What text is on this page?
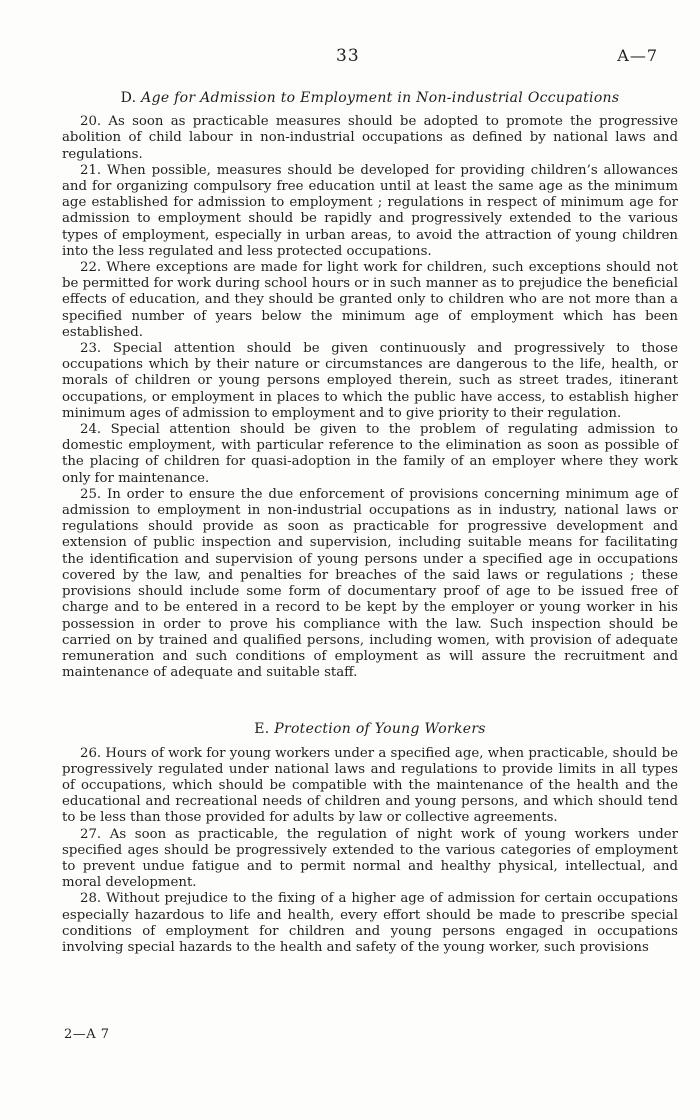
33	A—7
D. Age for Admission to Employment in Non-industrial Occupations

20. As soon as practicable measures should be adopted to promote the progressive abolition of child labour in non-industrial occupations as defined by national laws and regulations.

21. When possible, measures should be developed for providing children’s allowances and for organizing compulsory free education until at least the same age as the minimum age established for admission to employment ; regulations in respect of minimum age for admission to employment should be rapidly and progressively extended to the various types of employment, especially in urban areas, to avoid the attraction of young children into the less regulated and less protected occupations.

22. Where exceptions are made for light work for children, such exceptions should not be permitted for work during school hours or in such manner as to prejudice the beneficial effects of education, and they should be granted only to children who are not more than a specified number of years below the minimum age of employment which has been established.

23. Special attention should be given continuously and progressively to those occupations which by their nature or circumstances are dangerous to the life, health, or morals of children or young persons employed therein, such as street trades, itinerant occupations, or employment in places to which the public have access, to establish higher minimum ages of admission to employment and to give priority to their regulation.

24. Special attention should be given to the problem of regulating admission to domestic employment, with particular reference to the elimination as soon as possible of the placing of children for quasi-adoption in the family of an employer where they work only for maintenance.

25. In order to ensure the due enforcement of provisions concerning minimum age of admission to employment in non-industrial occupations as in industry, national laws or regulations should provide as soon as practicable for progressive development and extension of public inspection and supervision, including suitable means for facilitating the identification and supervision of young persons under a specified age in occupations covered by the law, and penalties for breaches of the said laws or regulations ; these provisions should include some form of documentary proof of age to be issued free of charge and to be entered in a record to be kept by the employer or young worker in his possession in order to prove his compliance with the law. Such inspection should be carried on by trained and qualified persons, including women, with provision of adequate remuneration and such conditions of employment as will assure the recruitment and maintenance of adequate and suitable staff.

E. Protection of Young Workers

26. Hours of work for young workers under a specified age, when practicable, should be progressively regulated under national laws and regulations to provide limits in all types of occupations, which should be compatible with the maintenance of the health and the educational and recreational needs of children and young persons, and which should tend to be less than those provided for adults by law or collective agreements.

27. As soon as practicable, the regulation of night work of young workers under specified ages should be progressively extended to the various categories of employment to prevent undue fatigue and to permit normal and healthy physical, intellectual, and moral development.

28. Without prejudice to the fixing of a higher age of admission for certain occupations especially hazardous to life and health, every effort should be made to prescribe special conditions of employment for children and young persons engaged in occupations involving special hazards to the health and safety of the young worker, such provisions

2—A 7
